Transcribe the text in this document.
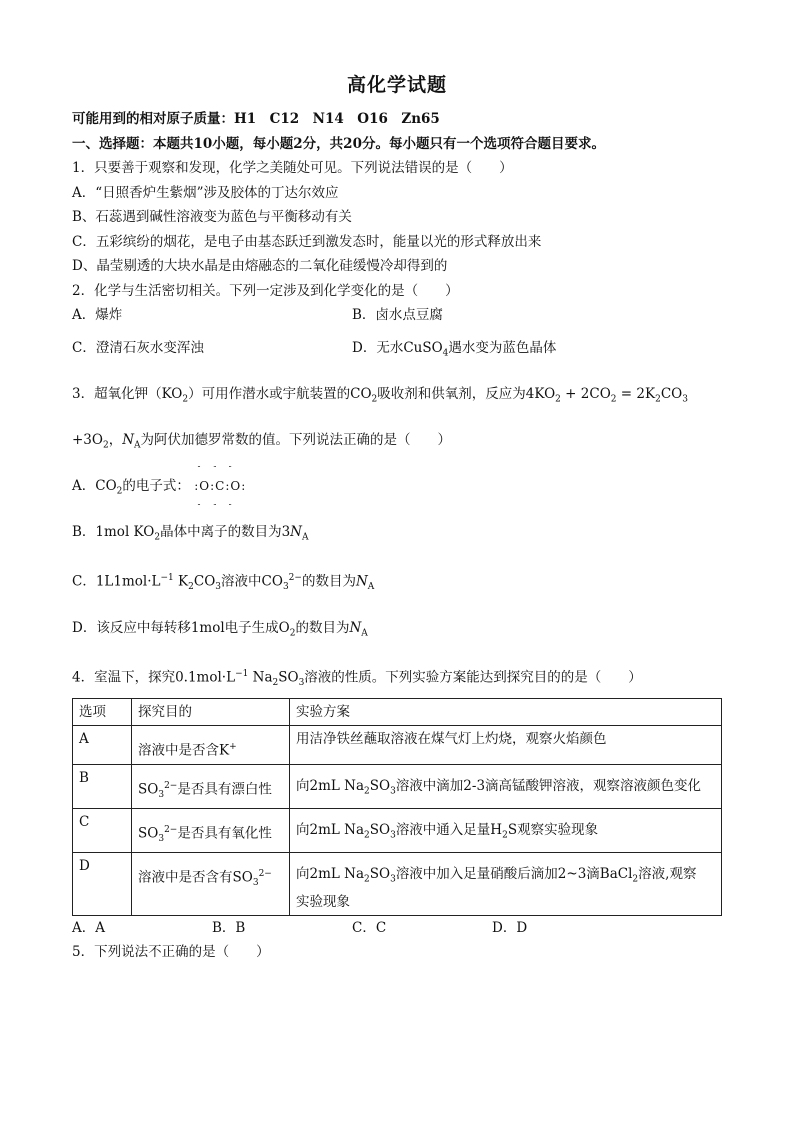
高化学试题
可能用到的相对原子质量：H1　C12　N14　O16　Zn65
一、选择题：本题共10小题，每小题2分，共20分。每小题只有一个选项符合题目要求。
1．只要善于观察和发现，化学之美随处可见。下列说法错误的是（　　）
A．“日照香炉生紫烟”涉及胶体的丁达尔效应
B、石蕊遇到碱性溶液变为蓝色与平衡移动有关
C．五彩缤纷的烟花，是电子由基态跃迁到激发态时，能量以光的形式释放出来
D、晶莹剔透的大块水晶是由熔融态的二氧化硅缓慢冷却得到的
2．化学与生活密切相关。下列一定涉及到化学变化的是（　　）
A．爆炸	B．卤水点豆腐
C．澄清石灰水变浑浊	D．无水CuSO$_4$遇水变为蓝色晶体
3．超氧化钾$(KO_2)$可用作潜水或宇航装置的$CO_2$吸收剂和供氧剂，反应为$4KO_2 + 2CO_2 = 2K_2CO_3$
$+3O_2$，$N_A$为阿伏加德罗常数的值。下列说法正确的是（　　）
A．$CO_2$的电子式： :O
··
··
:C
··
··
:O
··
··
:
B．1mol $KO_2$晶体中离子的数目为$3N_A$
C．$1L1mol\cdot L^{-1}$ $K_2CO_3$溶液中$CO_3^{2-}$的数目为$N_A$
D．该反应中每转移1mol电子生成$O_2$的数目为$N_A$
4．室温下，探究$0.1mol\cdot L^{-1}$ $Na_2SO_3$溶液的性质。下列实验方案能达到探究目的的是（　　）
选项	探究目的	实验方案
A	溶液中是否含K+	用洁净铁丝蘸取溶液在煤气灯上灼烧，观察火焰颜色
B	$SO_3^{2-}$是否具有漂白性	向2mL $Na_2SO_3$溶液中滴加2-3滴高锰酸钾溶液，观察溶液颜色变化
C	$SO_3^{2-}$是否具有氧化性	向2mL $Na_2SO_3$溶液中通入足量$H_2S$观察实验现象
D	溶液中是否含有$SO_3^{2-}$	向2mL $Na_2SO_3$溶液中加入足量硝酸后滴加2~3滴BaCl$_2$溶液,观察
实验现象
A．A	B．B	C．C	D．D
5．下列说法不正确的是（　　）
